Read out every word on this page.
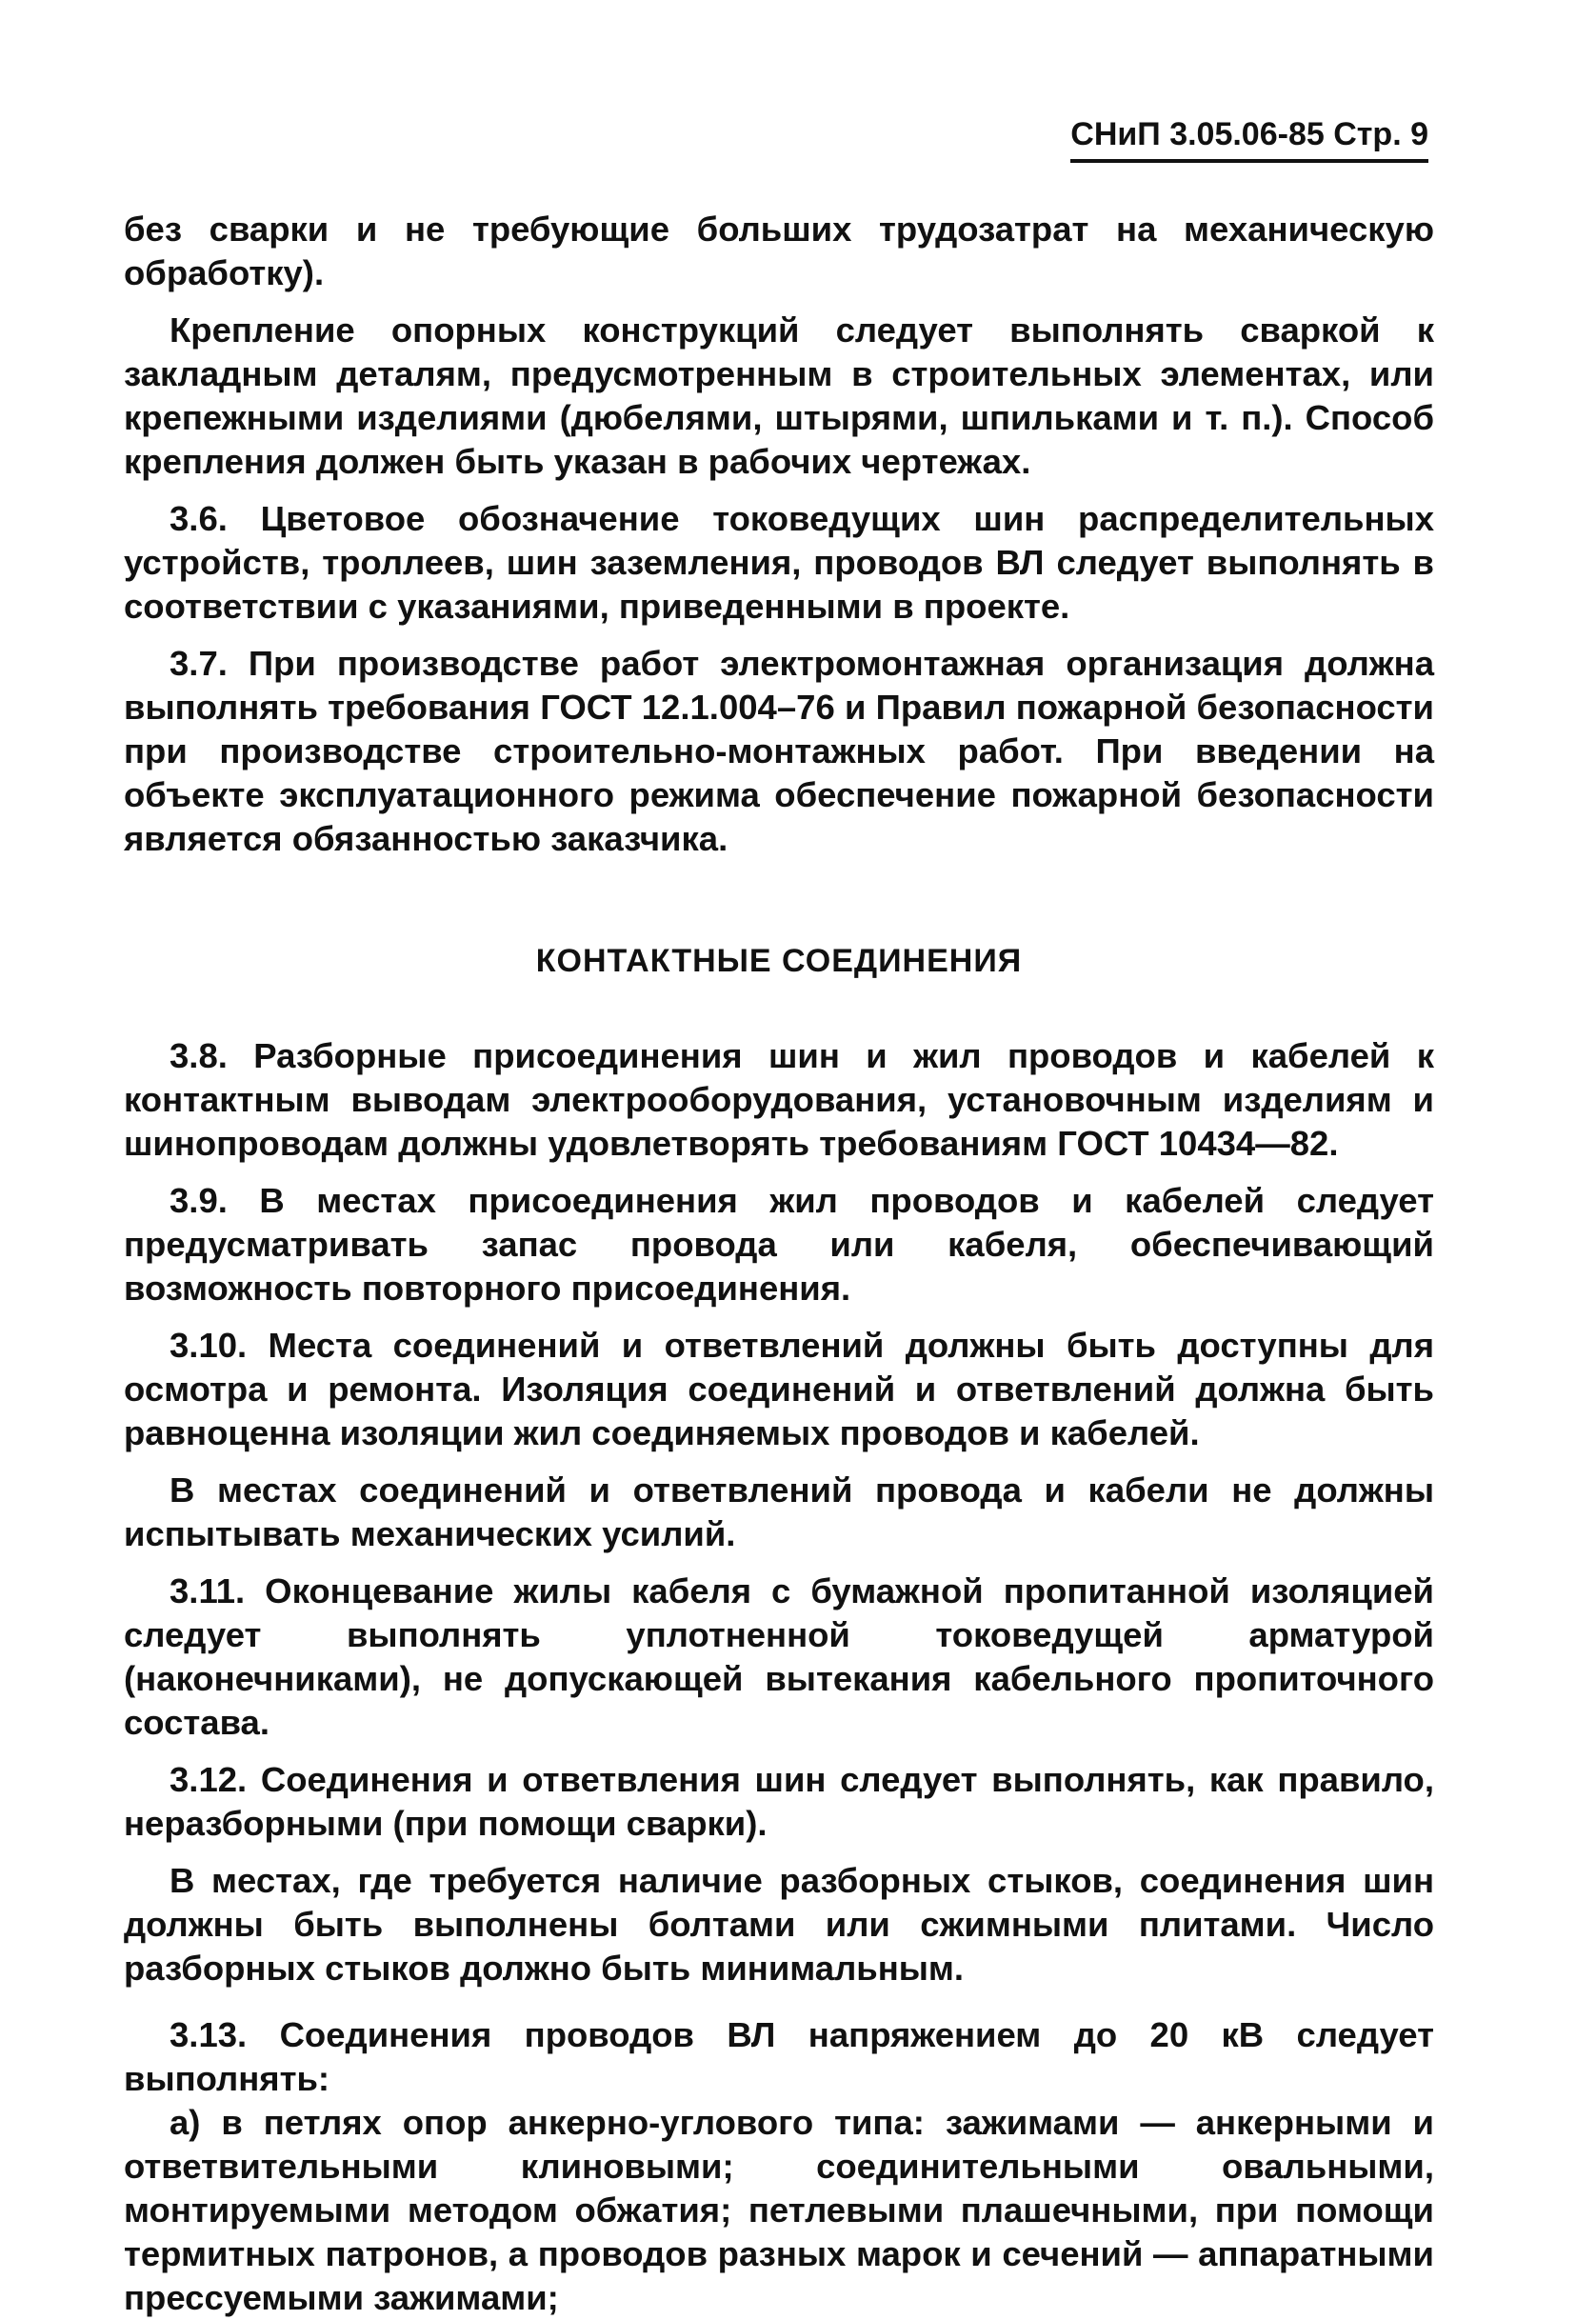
СНиП 3.05.06-85 Стр. 9

без сварки и не требующие больших трудозатрат на механическую обработку).

Крепление опорных конструкций следует выполнять сваркой к закладным деталям, предусмотренным в строительных элементах, или крепежными изделиями (дюбелями, штырями, шпильками и т. п.). Способ крепления должен быть указан в рабочих чертежах.

3.6. Цветовое обозначение токоведущих шин распределительных устройств, троллеев, шин заземления, проводов ВЛ следует выполнять в соответствии с указаниями, приведенными в проекте.

3.7. При производстве работ электромонтажная организация должна выполнять требования ГОСТ 12.1.004–76 и Правил пожарной безопасности при производстве строительно-монтажных работ. При введении на объекте эксплуатационного режима обеспечение пожарной безопасности является обязанностью заказчика.

КОНТАКТНЫЕ СОЕДИНЕНИЯ

3.8. Разборные присоединения шин и жил проводов и кабелей к контактным выводам электрооборудования, установочным изделиям и шинопроводам должны удовлетворять требованиям ГОСТ 10434—82.

3.9. В местах присоединения жил проводов и кабелей следует предусматривать запас провода или кабеля, обеспечивающий возможность повторного присоединения.

3.10. Места соединений и ответвлений должны быть доступны для осмотра и ремонта. Изоляция соединений и ответвлений должна быть равноценна изоляции жил соединяемых проводов и кабелей.

В местах соединений и ответвлений провода и кабели не должны испытывать механических усилий.

3.11. Оконцевание жилы кабеля с бумажной пропитанной изоляцией следует выполнять уплотненной токоведущей арматурой (наконечниками), не допускающей вытекания кабельного пропиточного состава.

3.12. Соединения и ответвления шин следует выполнять, как правило, неразборными (при помощи сварки).

В местах, где требуется наличие разборных стыков, соединения шин должны быть выполнены болтами или сжимными плитами. Число разборных стыков должно быть минимальным.

3.13. Соединения проводов ВЛ напряжением до 20 кВ следует выполнять:

а) в петлях опор анкерно-углового типа: зажимами — анкерными и ответвительными клиновыми; соединительными овальными, монтируемыми методом обжатия; петлевыми плашечными, при помощи термитных патронов, а проводов разных марок и сечений — аппаратными прессуемыми зажимами;
